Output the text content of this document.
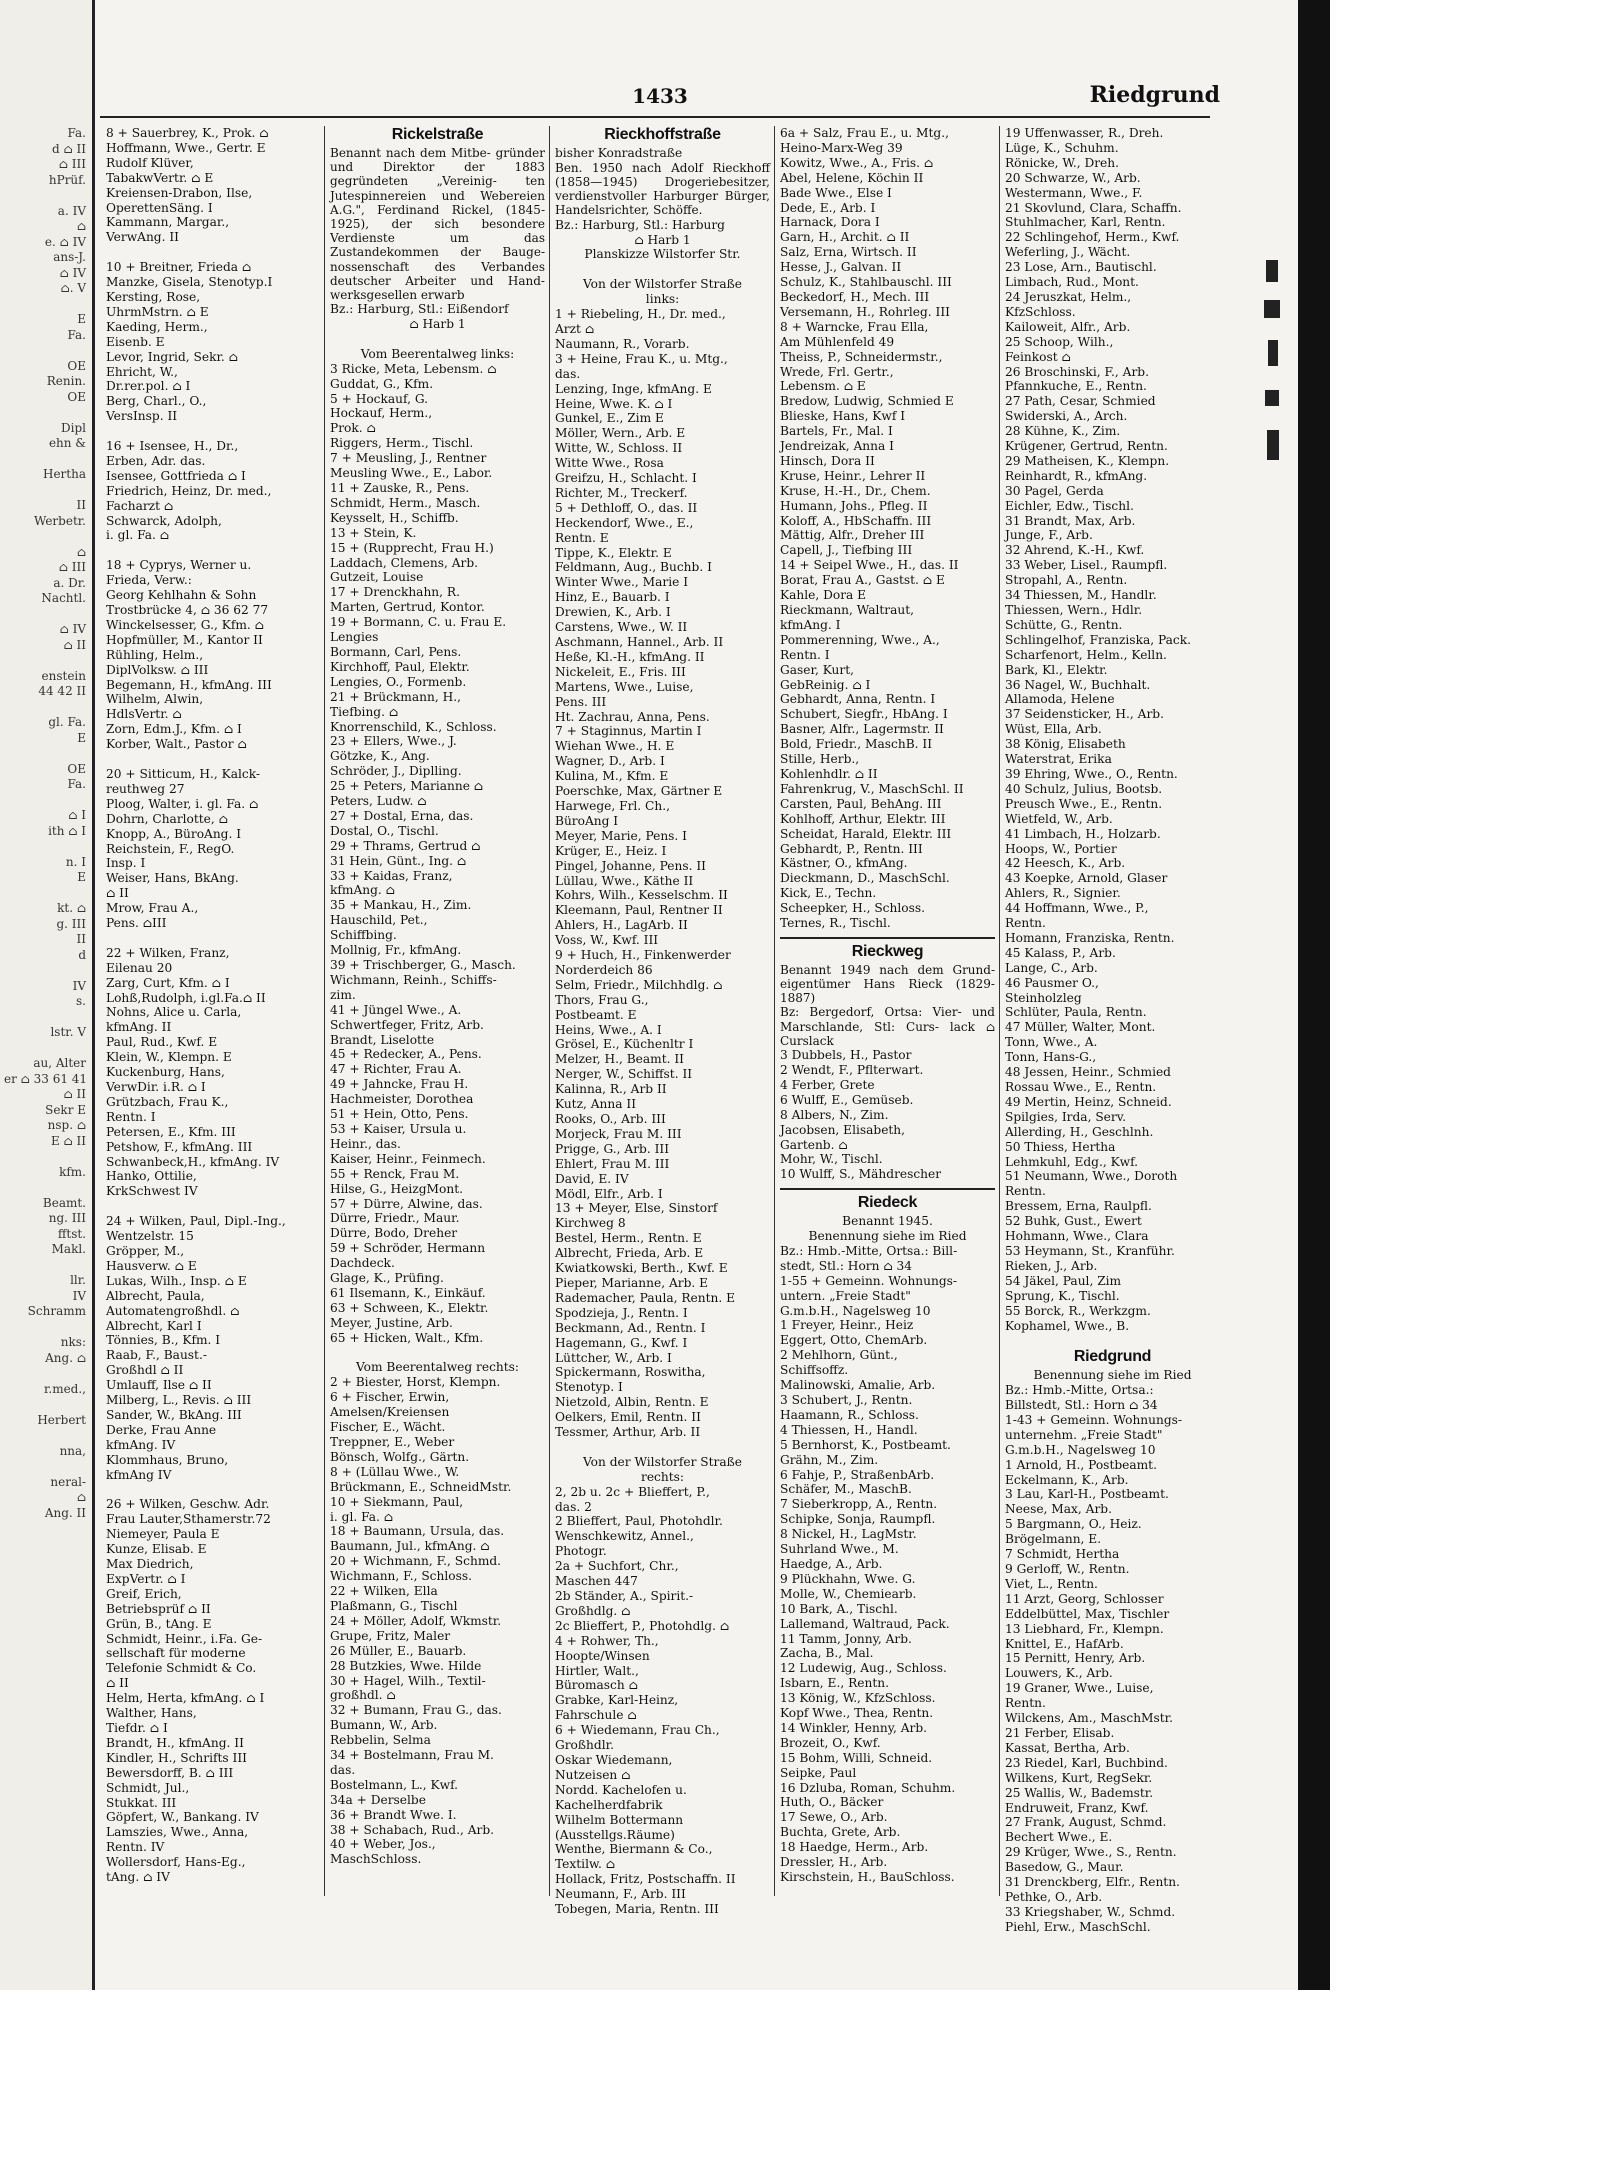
Fa.
d ⌂ II
⌂ III
hPrüf.

a. IV
⌂
e. ⌂ IV
ans-J.
⌂ IV
⌂. V

E
Fa.

OE
Renin.
OE

Dipl
ehn &

Hertha

II
Werbetr.

⌂
⌂ III
a. Dr.
Nachtl.

⌂ IV
⌂ II

enstein
44 42 II

gl. Fa.
E

OE
Fa.

⌂ I
ith ⌂ I

n. I
E

kt. ⌂
g. III
II
d

IV
s.

lstr. V

au, Alter
er ⌂ 33 61 41
⌂ II
Sekr E
nsp. ⌂
E ⌂ II

kfm.

Beamt.
ng. III
fftst.
Makl.

llr.
IV
Schramm

nks:
Ang. ⌂

r.med.,

Herbert

nna,

neral-
⌂
Ang. II
1433	Riedgrund
8 + Sauerbrey, K., Prok. ⌂
Hoffmann, Wwe., Gertr. E
Rudolf Klüver,
TabakwVertr. ⌂ E
Kreiensen-Drabon, Ilse,
OperettenSäng. I
Kammann, Margar.,
VerwAng. II

10 + Breitner, Frieda ⌂
Manzke, Gisela, Stenotyp.I
Kersting, Rose,
UhrmMstrn. ⌂ E
Kaeding, Herm.,
Eisenb. E
Levor, Ingrid, Sekr. ⌂
Ehricht, W.,
Dr.rer.pol. ⌂ I
Berg, Charl., O.,
VersInsp. II

16 + Isensee, H., Dr.,
Erben, Adr. das.
Isensee, Gottfrieda ⌂ I
Friedrich, Heinz, Dr. med.,
Facharzt ⌂
Schwarck, Adolph,
i. gl. Fa. ⌂

18 + Cyprys, Werner u.
Frieda, Verw.:
Georg Kehlhahn & Sohn
Trostbrücke 4, ⌂ 36 62 77
Winckelsesser, G., Kfm. ⌂
Hopfmüller, M., Kantor II
Rühling, Helm.,
DiplVolksw. ⌂ III
Begemann, H., kfmAng. III
Wilhelm, Alwin,
HdlsVertr. ⌂
Zorn, Edm.J., Kfm. ⌂ I
Korber, Walt., Pastor ⌂

20 + Sitticum, H., Kalck-
reuthweg 27
Ploog, Walter, i. gl. Fa. ⌂
Dohrn, Charlotte, ⌂
Knopp, A., BüroAng. I
Reichstein, F., RegO.
Insp. I
Weiser, Hans, BkAng.
⌂ II
Mrow, Frau A.,
Pens. ⌂III

22 + Wilken, Franz,
Eilenau 20
Zarg, Curt, Kfm. ⌂ I
Lohß,Rudolph, i.gl.Fa.⌂ II
Nohns, Alice u. Carla,
kfmAng. II
Paul, Rud., Kwf. E
Klein, W., Klempn. E
Kuckenburg, Hans,
VerwDir. i.R. ⌂ I
Grützbach, Frau K.,
Rentn. I
Petersen, E., Kfm. III
Petshow, F., kfmAng. III
Schwanbeck,H., kfmAng. IV
Hanko, Ottilie,
KrkSchwest IV

24 + Wilken, Paul, Dipl.-Ing.,
Wentzelstr. 15
Gröpper, M.,
Hausverw. ⌂ E
Lukas, Wilh., Insp. ⌂ E
Albrecht, Paula,
Automatengroßhdl. ⌂
Albrecht, Karl I
Tönnies, B., Kfm. I
Raab, F., Baust.-
Großhdl ⌂ II
Umlauff, Ilse ⌂ II
Milberg, L., Revis. ⌂ III
Sander, W., BkAng. III
Derke, Frau Anne
kfmAng. IV
Klommhaus, Bruno,
kfmAng IV

26 + Wilken, Geschw. Adr.
Frau Lauter,Sthamerstr.72
Niemeyer, Paula E
Kunze, Elisab. E
Max Diedrich,
ExpVertr. ⌂ I
Greif, Erich,
Betriebsprüf ⌂ II
Grün, B., tAng. E
Schmidt, Heinr., i.Fa. Ge-
sellschaft für moderne
Telefonie Schmidt & Co.
⌂ II
Helm, Herta, kfmAng. ⌂ I
Walther, Hans,
Tiefdr. ⌂ I
Brandt, H., kfmAng. II
Kindler, H., Schrifts III
Bewersdorff, B. ⌂ III
Schmidt, Jul.,
Stukkat. III
Göpfert, W., Bankang. IV
Lamszies, Wwe., Anna,
Rentn. IV
Wollersdorf, Hans-Eg.,
tAng. ⌂ IV
Rickelstraße
Benannt nach dem Mitbe- gründer und Direktor der 1883 gegründeten „Vereinig- ten Jutespinnereien und Webereien A.G.", Ferdinand Rickel, (1845-1925), der sich besondere Verdienste um das Zustandekommen der Bauge- nossenschaft des Verbandes deutscher Arbeiter und Hand- werksgesellen erwarb
Bz.: Harburg, Stl.: Eißendorf
⌂ Harb 1

Vom Beerentalweg links:
3 Ricke, Meta, Lebensm. ⌂
Guddat, G., Kfm.
5 + Hockauf, G.
Hockauf, Herm.,
Prok. ⌂
Riggers, Herm., Tischl.
7 + Meusling, J., Rentner
Meusling Wwe., E., Labor.
11 + Zauske, R., Pens.
Schmidt, Herm., Masch.
Keysselt, H., Schiffb.
13 + Stein, K.
15 + (Rupprecht, Frau H.)
Laddach, Clemens, Arb.
Gutzeit, Louise
17 + Drenckhahn, R.
Marten, Gertrud, Kontor.
19 + Bormann, C. u. Frau E.
Lengies
Bormann, Carl, Pens.
Kirchhoff, Paul, Elektr.
Lengies, O., Formenb.
21 + Brückmann, H.,
Tiefbing. ⌂
Knorrenschild, K., Schloss.
23 + Ellers, Wwe., J.
Götzke, K., Ang.
Schröder, J., Diplling.
25 + Peters, Marianne ⌂
Peters, Ludw. ⌂
27 + Dostal, Erna, das.
Dostal, O., Tischl.
29 + Thrams, Gertrud ⌂
31 Hein, Günt., Ing. ⌂
33 + Kaidas, Franz,
kfmAng. ⌂
35 + Mankau, H., Zim.
Hauschild, Pet.,
Schiffbing.
Mollnig, Fr., kfmAng.
39 + Trischberger, G., Masch.
Wichmann, Reinh., Schiffs-
zim.
41 + Jüngel Wwe., A.
Schwertfeger, Fritz, Arb.
Brandt, Liselotte
45 + Redecker, A., Pens.
47 + Richter, Frau A.
49 + Jahncke, Frau H.
Hachmeister, Dorothea
51 + Hein, Otto, Pens.
53 + Kaiser, Ursula u.
Heinr., das.
Kaiser, Heinr., Feinmech.
55 + Renck, Frau M.
Hilse, G., HeizgMont.
57 + Dürre, Alwine, das.
Dürre, Friedr., Maur.
Dürre, Bodo, Dreher
59 + Schröder, Hermann
Dachdeck.
Glage, K., Prüfing.
61 Ilsemann, K., Einkäuf.
63 + Schween, K., Elektr.
Meyer, Justine, Arb.
65 + Hicken, Walt., Kfm.

Vom Beerentalweg rechts:
2 + Biester, Horst, Klempn.
6 + Fischer, Erwin,
Amelsen/Kreiensen
Fischer, E., Wächt.
Treppner, E., Weber
Bönsch, Wolfg., Gärtn.
8 + (Lüllau Wwe., W.
Brückmann, E., SchneidMstr.
10 + Siekmann, Paul,
i. gl. Fa. ⌂
18 + Baumann, Ursula, das.
Baumann, Jul., kfmAng. ⌂
20 + Wichmann, F., Schmd.
Wichmann, F., Schloss.
22 + Wilken, Ella
Plaßmann, G., Tischl
24 + Möller, Adolf, Wkmstr.
Grupe, Fritz, Maler
26 Müller, E., Bauarb.
28 Butzkies, Wwe. Hilde
30 + Hagel, Wilh., Textil-
großhdl. ⌂
32 + Bumann, Frau G., das.
Bumann, W., Arb.
Rebbelin, Selma
34 + Bostelmann, Frau M.
das.
Bostelmann, L., Kwf.
34a + Derselbe
36 + Brandt Wwe. I.
38 + Schabach, Rud., Arb.
40 + Weber, Jos.,
MaschSchloss.
Rieckhoffstraße
bisher Konradstraße
Ben. 1950 nach Adolf Rieckhoff (1858—1945) Drogeriebesitzer, verdienstvoller Harburger Bürger, Handelsrichter, Schöffe.
Bz.: Harburg, Stl.: Harburg
⌂ Harb 1
Planskizze Wilstorfer Str.

Von der Wilstorfer Straße
links:
1 + Riebeling, H., Dr. med.,
Arzt ⌂
Naumann, R., Vorarb.
3 + Heine, Frau K., u. Mtg.,
das.
Lenzing, Inge, kfmAng. E
Heine, Wwe. K. ⌂ I
Gunkel, E., Zim E
Möller, Wern., Arb. E
Witte, W., Schloss. II
Witte Wwe., Rosa
Greifzu, H., Schlacht. I
Richter, M., Treckerf.
5 + Dethloff, O., das. II
Heckendorf, Wwe., E.,
Rentn. E
Tippe, K., Elektr. E
Feldmann, Aug., Buchb. I
Winter Wwe., Marie I
Hinz, E., Bauarb. I
Drewien, K., Arb. I
Carstens, Wwe., W. II
Aschmann, Hannel., Arb. II
Heße, Kl.-H., kfmAng. II
Nickeleit, E., Fris. III
Martens, Wwe., Luise,
Pens. III
Ht. Zachrau, Anna, Pens.
7 + Staginnus, Martin I
Wiehan Wwe., H. E
Wagner, D., Arb. I
Kulina, M., Kfm. E
Poerschke, Max, Gärtner E
Harwege, Frl. Ch.,
BüroAng I
Meyer, Marie, Pens. I
Krüger, E., Heiz. I
Pingel, Johanne, Pens. II
Lüllau, Wwe., Käthe II
Kohrs, Wilh., Kesselschm. II
Kleemann, Paul, Rentner II
Ahlers, H., LagArb. II
Voss, W., Kwf. III
9 + Huch, H., Finkenwerder
Norderdeich 86
Selm, Friedr., Milchhdlg. ⌂
Thors, Frau G.,
Postbeamt. E
Heins, Wwe., A. I
Grösel, E., Küchenltr I
Melzer, H., Beamt. II
Nerger, W., Schiffst. II
Kalinna, R., Arb II
Kutz, Anna II
Rooks, O., Arb. III
Morjeck, Frau M. III
Prigge, G., Arb. III
Ehlert, Frau M. III
David, E. IV
Mödl, Elfr., Arb. I
13 + Meyer, Else, Sinstorf
Kirchweg 8
Bestel, Herm., Rentn. E
Albrecht, Frieda, Arb. E
Kwiatkowski, Berth., Kwf. E
Pieper, Marianne, Arb. E
Rademacher, Paula, Rentn. E
Spodzieja, J., Rentn. I
Beckmann, Ad., Rentn. I
Hagemann, G., Kwf. I
Lüttcher, W., Arb. I
Spickermann, Roswitha,
Stenotyp. I
Nietzold, Albin, Rentn. E
Oelkers, Emil, Rentn. II
Tessmer, Arthur, Arb. II

Von der Wilstorfer Straße
rechts:
2, 2b u. 2c + Blieffert, P.,
das. 2
2 Blieffert, Paul, Photohdlr.
Wenschkewitz, Annel.,
Photogr.
2a + Suchfort, Chr.,
Maschen 447
2b Ständer, A., Spirit.-
Großhdlg. ⌂
2c Blieffert, P., Photohdlg. ⌂
4 + Rohwer, Th.,
Hoopte/Winsen
Hirtler, Walt.,
Büromasch ⌂
Grabke, Karl-Heinz,
Fahrschule ⌂
6 + Wiedemann, Frau Ch.,
Großhdlr.
Oskar Wiedemann,
Nutzeisen ⌂
Nordd. Kachelofen u.
Kachelherdfabrik
Wilhelm Bottermann
(Ausstellgs.Räume)
Wenthe, Biermann & Co.,
Textilw. ⌂
Hollack, Fritz, Postschaffn. II
Neumann, F., Arb. III
Tobegen, Maria, Rentn. III
6a + Salz, Frau E., u. Mtg.,
Heino-Marx-Weg 39
Kowitz, Wwe., A., Fris. ⌂
Abel, Helene, Köchin II
Bade Wwe., Else I
Dede, E., Arb. I
Harnack, Dora I
Garn, H., Archit. ⌂ II
Salz, Erna, Wirtsch. II
Hesse, J., Galvan. II
Schulz, K., Stahlbauschl. III
Beckedorf, H., Mech. III
Versemann, H., Rohrleg. III
8 + Warncke, Frau Ella,
Am Mühlenfeld 49
Theiss, P., Schneidermstr.,
Wrede, Frl. Gertr.,
Lebensm. ⌂ E
Bredow, Ludwig, Schmied E
Blieske, Hans, Kwf I
Bartels, Fr., Mal. I
Jendreizak, Anna I
Hinsch, Dora II
Kruse, Heinr., Lehrer II
Kruse, H.-H., Dr., Chem.
Humann, Johs., Pfleg. II
Koloff, A., HbSchaffn. III
Mättig, Alfr., Dreher III
Capell, J., Tiefbing III
14 + Seipel Wwe., H., das. II
Borat, Frau A., Gastst. ⌂ E
Kahle, Dora E
Rieckmann, Waltraut,
kfmAng. I
Pommerenning, Wwe., A.,
Rentn. I
Gaser, Kurt,
GebReinig. ⌂ I
Gebhardt, Anna, Rentn. I
Schubert, Siegfr., HbAng. I
Basner, Alfr., Lagermstr. II
Bold, Friedr., MaschB. II
Stille, Herb.,
Kohlenhdlr. ⌂ II
Fahrenkrug, V., MaschSchl. II
Carsten, Paul, BehAng. III
Kohlhoff, Arthur, Elektr. III
Scheidat, Harald, Elektr. III
Gebhardt, P., Rentn. III
Kästner, O., kfmAng.
Dieckmann, D., MaschSchl.
Kick, E., Techn.
Scheepker, H., Schloss.
Ternes, R., Tischl.
Rieckweg
Benannt 1949 nach dem Grund- eigentümer Hans Rieck (1829-1887)
Bz: Bergedorf, Ortsa: Vier- und Marschlande, Stl: Curs- lack ⌂ Curslack
3 Dubbels, H., Pastor
2 Wendt, F., Pflterwart.
4 Ferber, Grete
6 Wulff, E., Gemüseb.
8 Albers, N., Zim.
Jacobsen, Elisabeth,
Gartenb. ⌂
Mohr, W., Tischl.
10 Wulff, S., Mähdrescher
Riedeck
Benannt 1945.
Benennung siehe im Ried
Bz.: Hmb.-Mitte, Ortsa.: Bill-
stedt, Stl.: Horn ⌂ 34
1-55 + Gemeinn. Wohnungs-
untern. „Freie Stadt"
G.m.b.H., Nagelsweg 10
1 Freyer, Heinr., Heiz
Eggert, Otto, ChemArb.
2 Mehlhorn, Günt.,
Schiffsoffz.
Malinowski, Amalie, Arb.
3 Schubert, J., Rentn.
Haamann, R., Schloss.
4 Thiessen, H., Handl.
5 Bernhorst, K., Postbeamt.
Grähn, M., Zim.
6 Fahje, P., StraßenbArb.
Schäfer, M., MaschB.
7 Sieberkropp, A., Rentn.
Schipke, Sonja, Raumpfl.
8 Nickel, H., LagMstr.
Suhrland Wwe., M.
Haedge, A., Arb.
9 Plückhahn, Wwe. G.
Molle, W., Chemiearb.
10 Bark, A., Tischl.
Lallemand, Waltraud, Pack.
11 Tamm, Jonny, Arb.
Zacha, B., Mal.
12 Ludewig, Aug., Schloss.
Isbarn, E., Rentn.
13 König, W., KfzSchloss.
Kopf Wwe., Thea, Rentn.
14 Winkler, Henny, Arb.
Brozeit, O., Kwf.
15 Bohm, Willi, Schneid.
Seipke, Paul
16 Dzluba, Roman, Schuhm.
Huth, O., Bäcker
17 Sewe, O., Arb.
Buchta, Grete, Arb.
18 Haedge, Herm., Arb.
Dressler, H., Arb.
Kirschstein, H., BauSchloss.
19 Uffenwasser, R., Dreh.
Lüge, K., Schuhm.
Rönicke, W., Dreh.
20 Schwarze, W., Arb.
Westermann, Wwe., F.
21 Skovlund, Clara, Schaffn.
Stuhlmacher, Karl, Rentn.
22 Schlingehof, Herm., Kwf.
Weferling, J., Wächt.
23 Lose, Arn., Bautischl.
Limbach, Rud., Mont.
24 Jeruszkat, Helm.,
KfzSchloss.
Kailoweit, Alfr., Arb.
25 Schoop, Wilh.,
Feinkost ⌂
26 Broschinski, F., Arb.
Pfannkuche, E., Rentn.
27 Path, Cesar, Schmied
Swiderski, A., Arch.
28 Kühne, K., Zim.
Krügener, Gertrud, Rentn.
29 Matheisen, K., Klempn.
Reinhardt, R., kfmAng.
30 Pagel, Gerda
Eichler, Edw., Tischl.
31 Brandt, Max, Arb.
Junge, F., Arb.
32 Ahrend, K.-H., Kwf.
33 Weber, Lisel., Raumpfl.
Stropahl, A., Rentn.
34 Thiessen, M., Handlr.
Thiessen, Wern., Hdlr.
Schütte, G., Rentn.
Schlingelhof, Franziska, Pack.
Scharfenort, Helm., Kelln.
Bark, Kl., Elektr.
36 Nagel, W., Buchhalt.
Allamoda, Helene
37 Seidensticker, H., Arb.
Wüst, Ella, Arb.
38 König, Elisabeth
Waterstrat, Erika
39 Ehring, Wwe., O., Rentn.
40 Schulz, Julius, Bootsb.
Preusch Wwe., E., Rentn.
Wietfeld, W., Arb.
41 Limbach, H., Holzarb.
Hoops, W., Portier
42 Heesch, K., Arb.
43 Koepke, Arnold, Glaser
Ahlers, R., Signier.
44 Hoffmann, Wwe., P.,
Rentn.
Homann, Franziska, Rentn.
45 Kalass, P., Arb.
Lange, C., Arb.
46 Pausmer O.,
Steinholzleg
Schlüter, Paula, Rentn.
47 Müller, Walter, Mont.
Tonn, Wwe., A.
Tonn, Hans-G.,
48 Jessen, Heinr., Schmied
Rossau Wwe., E., Rentn.
49 Mertin, Heinz, Schneid.
Spilgies, Irda, Serv.
Allerding, H., Geschlnh.
50 Thiess, Hertha
Lehmkuhl, Edg., Kwf.
51 Neumann, Wwe., Doroth
Rentn.
Bressem, Erna, Raulpfl.
52 Buhk, Gust., Ewert
Hohmann, Wwe., Clara
53 Heymann, St., Kranführ.
Rieken, J., Arb.
54 Jäkel, Paul, Zim
Sprung, K., Tischl.
55 Borck, R., Werkzgm.
Kophamel, Wwe., B.

Riedgrund
Benennung siehe im Ried
Bz.: Hmb.-Mitte, Ortsa.:
Billstedt, Stl.: Horn ⌂ 34
1-43 + Gemeinn. Wohnungs-
unternehm. „Freie Stadt"
G.m.b.H., Nagelsweg 10
1 Arnold, H., Postbeamt.
Eckelmann, K., Arb.
3 Lau, Karl-H., Postbeamt.
Neese, Max, Arb.
5 Bargmann, O., Heiz.
Brögelmann, E.
7 Schmidt, Hertha
9 Gerloff, W., Rentn.
Viet, L., Rentn.
11 Arzt, Georg, Schlosser
Eddelbüttel, Max, Tischler
13 Liebhard, Fr., Klempn.
Knittel, E., HafArb.
15 Pernitt, Henry, Arb.
Louwers, K., Arb.
19 Graner, Wwe., Luise,
Rentn.
Wilckens, Am., MaschMstr.
21 Ferber, Elisab.
Kassat, Bertha, Arb.
23 Riedel, Karl, Buchbind.
Wilkens, Kurt, RegSekr.
25 Wallis, W., Bademstr.
Endruweit, Franz, Kwf.
27 Frank, August, Schmd.
Bechert Wwe., E.
29 Krüger, Wwe., S., Rentn.
Basedow, G., Maur.
31 Drenckberg, Elfr., Rentn.
Pethke, O., Arb.
33 Kriegshaber, W., Schmd.
Piehl, Erw., MaschSchl.
